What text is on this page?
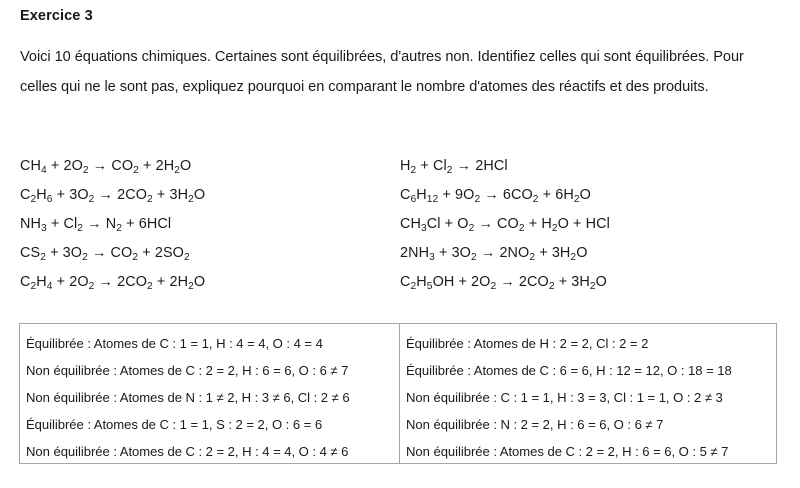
Exercice 3
Voici 10 équations chimiques. Certaines sont équilibrées, d'autres non. Identifiez celles qui sont équilibrées. Pour celles qui ne le sont pas, expliquez pourquoi en comparant le nombre d'atomes des réactifs et des produits.
$CH_4 + 2O_2 \to CO_2 + 2H_2O$
$C_2H_6 + 3O_2 \to 2CO_2 + 3H_2O$
$NH_3 + Cl_2 \to N_2 + 6HCl$
$CS_2 + 3O_2 \to CO_2 + 2SO_2$
$C_2H_4 + 2O_2 \to 2CO_2 + 2H_2O$
$H_2 + Cl_2 \to 2HCl$
$C_6H_{12} + 9O_2 \to 6CO_2 + 6H_2O$
$CH_3Cl + O_2 \to CO_2 + H_2O$ + HCl
$2NH_3 + 3O_2 \to 2NO_2 + 3H_2O$
$C_2H_5OH + 2O_2 \to 2CO_2 + 3H_2O$
Équilibrée : Atomes de C : 1 = 1, H : 4 = 4, O : 4 = 4
Non équilibrée : Atomes de C : 2 = 2, H : 6 = 6, O : 6 ≠ 7
Non équilibrée : Atomes de N : 1 ≠ 2, H : 3 ≠ 6, Cl : 2 ≠ 6
Équilibrée : Atomes de C : 1 = 1, S : 2 = 2, O : 6 = 6
Non équilibrée : Atomes de C : 2 = 2, H : 4 = 4, O : 4 ≠ 6
Équilibrée : Atomes de H : 2 = 2, Cl : 2 = 2
Équilibrée : Atomes de C : 6 = 6, H : 12 = 12, O : 18 = 18
Non équilibrée : C : 1 = 1, H : 3 = 3, Cl : 1 = 1, O : 2 ≠ 3
Non équilibrée : N : 2 = 2, H : 6 = 6, O : 6 ≠ 7
Non équilibrée : Atomes de C : 2 = 2, H : 6 = 6, O : 5 ≠ 7
